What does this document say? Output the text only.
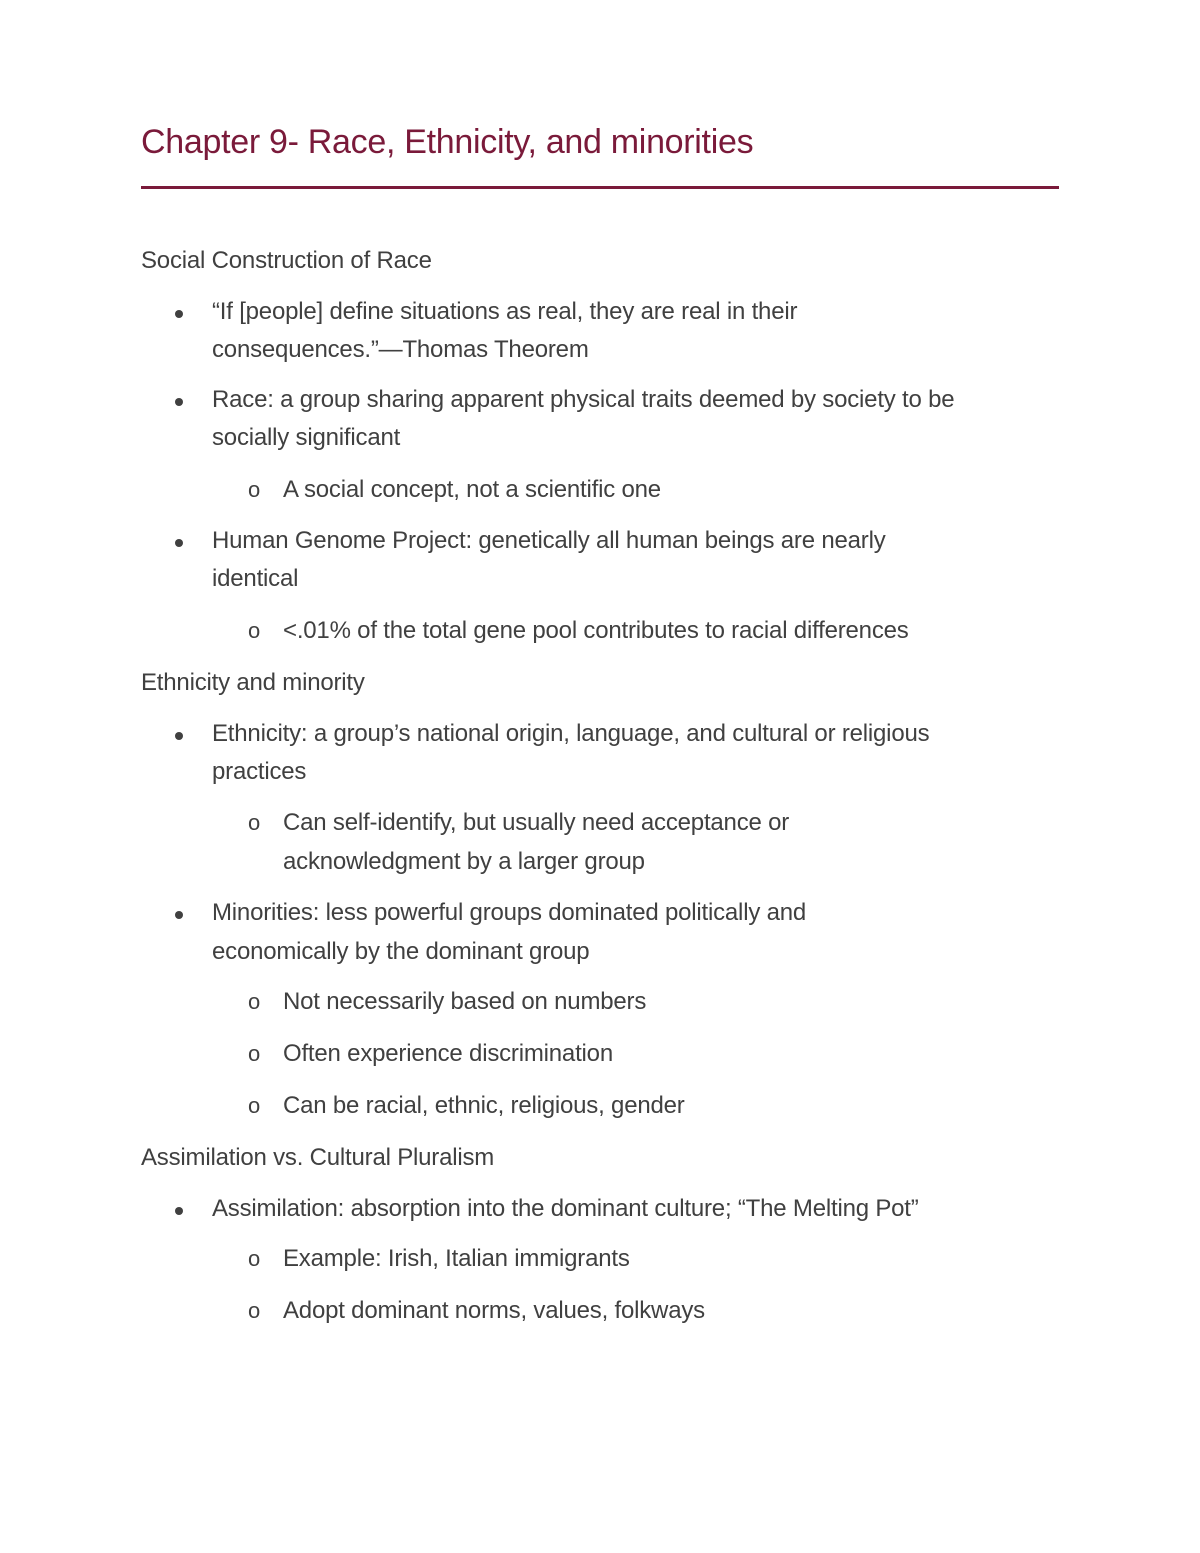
Chapter 9- Race, Ethnicity, and minorities
Social Construction of Race
“If [people] define situations as real, they are real in their
consequences.”—Thomas Theorem
Race: a group sharing apparent physical traits deemed by society to be
socially significant
o A social concept, not a scientific one
Human Genome Project: genetically all human beings are nearly
identical
o <.01% of the total gene pool contributes to racial differences
Ethnicity and minority
Ethnicity: a group’s national origin, language, and cultural or religious
practices
o Can self-identify, but usually need acceptance or
acknowledgment by a larger group
Minorities: less powerful groups dominated politically and
economically by the dominant group
o Not necessarily based on numbers
o Often experience discrimination
o Can be racial, ethnic, religious, gender
Assimilation vs. Cultural Pluralism
Assimilation: absorption into the dominant culture; “The Melting Pot”
o Example: Irish, Italian immigrants
o Adopt dominant norms, values, folkways
